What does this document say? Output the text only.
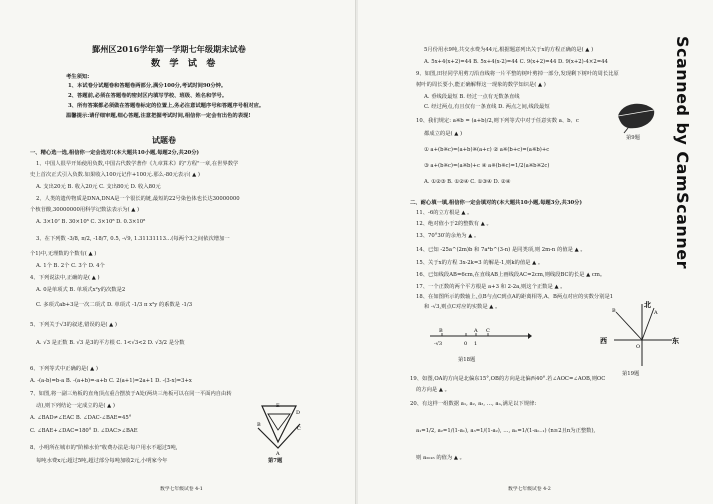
鄞州区2016学年第一学期七年级期末试卷
数 学 试 卷
考生须知:
1、本试卷分试题卷和答题卷两部分,满分100分,考试时间90分钟。
2、答题前,必须在答题卷的密封区内填写学校、班级、姓名和学号。
3、所有答案都必须做在答题卷标定的位置上,务必注意试题序号和答题序号相对应。
温馨提示:请仔细审题,细心答题,注意把握考试时间,相信你一定会有出色的表现!
试题卷
一、精心选一选,相信你一定会选对!(本大题共10小题,每题2分,共20分)
1、中国人很早开始使用负数,中国古代数学著作《九章算术》的"方程"一章,在世界数学
史上首次正式引入负数.如果收入100元记作+100元.那么-80元表示( ▲ )
A. 支出20元 B. 收入20元 C. 支出80元 D. 收入80元
2、人类的遗传物质是DNA,DNA是一个很长的链,最短的22号染色体也长达30000000
个核苷酸,30000000用科学记数法表示为( ▲ )
A. 3×10⁷ B. 30×10⁶ C. 3×10⁸ D. 0.3×10⁸
3、在下列数 -3/8, π/2, -18/7, 0.5, -√9, 1.31131113…(每两个3之间依次增加一
个1)中,无理数的个数有( ▲ )
A. 1个 B. 2个 C. 3个 D. 4个
4、下列说法中,正确的是( ▲ )
A. 0是单项式 B. 单项式x²y的次数是2
C. 多项式ab+3是一次二项式 D. 单项式 -1/3 π x²y 的系数是 -1/3
5、下列关于√3的叙述,错误的是( ▲ )
A. √3 是正数 B. √3 是3的平方根 C. 1<√3<2 D. √3/2 是分数
6、下列等式中正确的是( ▲ )
A. -(a-b)=b-a B. -(a+b)=-a+b C. 2(a+1)=2a+1 D. -(3-x)=3+x
7、如图,将一副三角板的直角顶点重合摆放于A处(两块三角板可以在同一平面内自由转
动),则下列结论一定成立的是( ▲ )
A. ∠BAD≠∠EAC B. ∠DAC-∠BAE=45°
C. ∠BAE+∠DAC=180° D. ∠DAC>∠BAE
8、小明所在城市的"阶梯水价"收费办法是:每户用水不超过5吨,
每吨水费x元;超过5吨,超过部分每吨加收2元,小明家今年
E
D
B
A
C
第7题
数学七年级试卷 4-1
5月份用水9吨,共交水费为44元,根据题意列出关于x的方程正确的是( ▲ )
A. 5x+4(x+2)=44 B. 5x+4(x-2)=44 C. 9(x+2)=44 D. 9(x+2)-4×2=44
9、如图,田径同学用剪刀沿直线将一片平整的树叶剪掉一部分,发现剩下树叶的周长比原
树叶的周长要小,能正确解释这一现象的数学知识是( ▲ )
A. 垂线段最短 B. 经过一点有无数条直线
C. 经过两点,有且仅有一条直线 D. 两点之间,线段最短
10、我们规定: a※b = (a+b)/2,则下列等式中对于任意实数 a、b、c
都成立的是( ▲ )
① a+(b※c)=(a+b)※(a+c) ② a※(b+c)=(a※b)+c
③ a+(b※c)=(a※b)+c ④ a※(b※c)=1/2(a※b※2c)
A. ①②③ B. ①②④ C. ①③④ D. ②④
二、耐心填一填,相信你一定会填对的(本大题共10小题,每题3分,共30分)
11、-6的立方根是 ▲ 。
12、绝对值小于2的整数有 ▲ 。
13、70°30′的余角为 ▲ 。
14、已知 -25a^(2m)b 和 7a⁴b^(3-n) 是同类项,则 2m-n 的值是 ▲ 。
15、关于x的方程 3x-2k=3 的解是-1,则k的值是 ▲ 。
16、已知线段AB=6cm,在直线AB上画线段AC=2cm,则线段BC的长是 ▲ cm。
17、一个正数的两个平方根是 a+3 和 2-2a,则这个正数是 ▲ 。
18、在如图所示的数轴上,点B与点C到点A的距离相等,A、B两点对应的实数分别是1
和 -√3,则点C对应的实数是 ▲ 。
19、如图,OA的方向是北偏东15°,OB的方向是北偏西40°.若∠AOC=∠AOB,则OC
的方向是 ▲ 。
20、有这样一组数据 a₁, a₂, a₃, …, aₙ,满足以下规律:
a₁=1/2, a₂=1/(1-a₁), a₃=1/(1-a₂), …, aₙ=1/(1-aₙ₋₁) (n≥2且n为正整数),
则 a₂₀₁₆ 的值为 ▲ 。
第9题
B	A C
-√3	0 1
第18题
北
西	东
A
B
O
第19题
数学七年级试卷 4-2
Scanned by CamScanner
